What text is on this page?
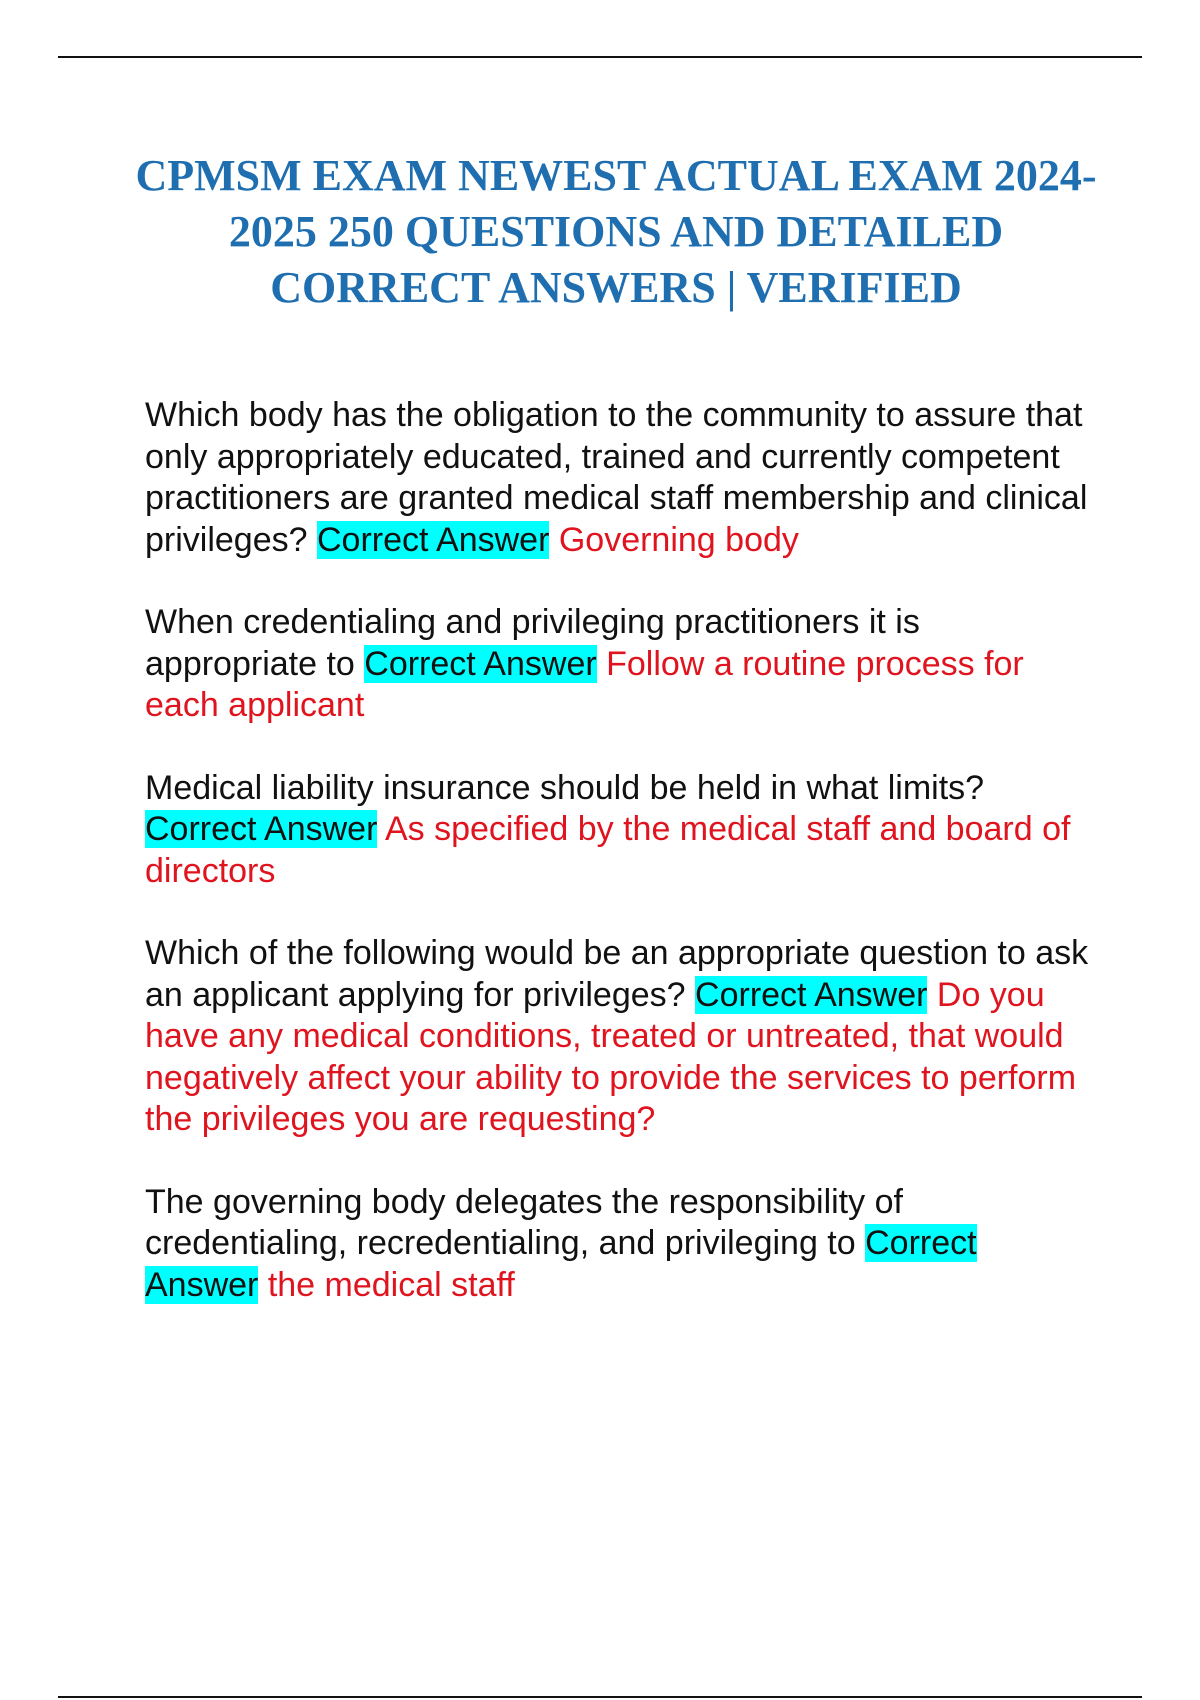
CPMSM EXAM NEWEST ACTUAL EXAM 2024-2025 250 QUESTIONS AND DETAILED CORRECT ANSWERS | VERIFIED

Which body has the obligation to the community to assure that only appropriately educated, trained and currently competent practitioners are granted medical staff membership and clinical privileges? Correct Answer Governing body

When credentialing and privileging practitioners it is appropriate to Correct Answer Follow a routine process for each applicant

Medical liability insurance should be held in what limits? Correct Answer As specified by the medical staff and board of directors

Which of the following would be an appropriate question to ask an applicant applying for privileges? Correct Answer Do you have any medical conditions, treated or untreated, that would negatively affect your ability to provide the services to perform the privileges you are requesting?

The governing body delegates the responsibility of credentialing, recredentialing, and privileging to Correct Answer the medical staff
